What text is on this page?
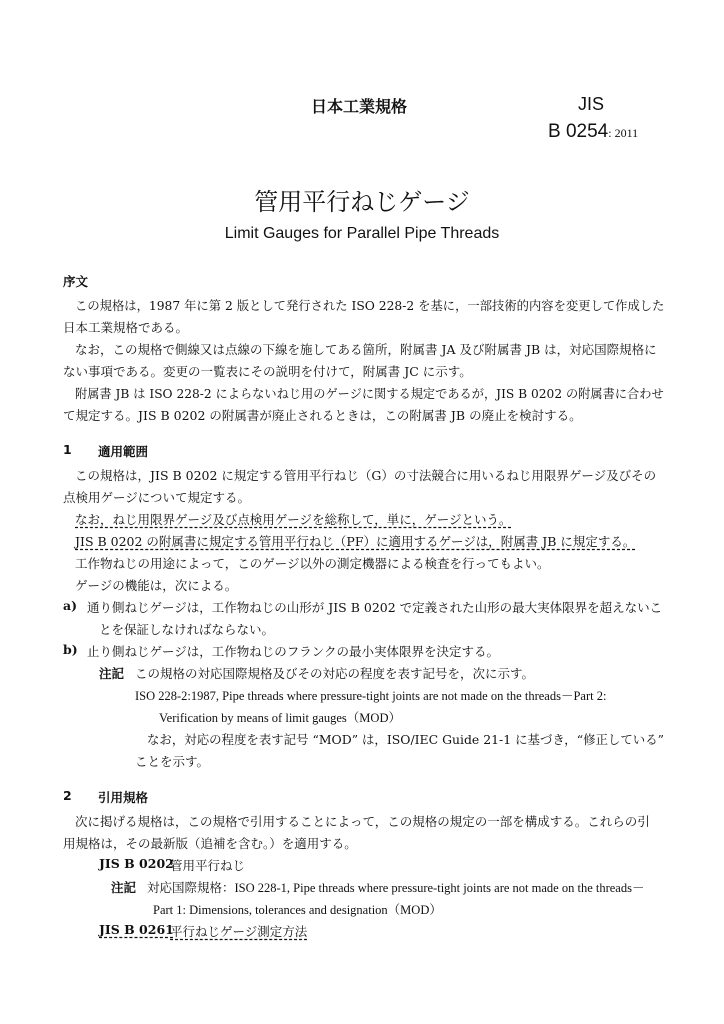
日本工業規格	JIS
B 0254: 2011
管用平行ねじゲージ
Limit Gauges for Parallel Pipe Threads
序文
この規格は，1987 年に第 2 版として発行された ISO 228-2 を基に，一部技術的内容を変更して作成した
日本工業規格である。
なお，この規格で側線又は点線の下線を施してある箇所，附属書 JA 及び附属書 JB は，対応国際規格に
ない事項である。変更の一覧表にその説明を付けて，附属書 JC に示す。
附属書 JB は ISO 228-2 によらないねじ用のゲージに関する規定であるが，JIS B 0202 の附属書に合わせ
て規定する。JIS B 0202 の附属書が廃止されるときは，この附属書 JB の廃止を検討する。
1 適用範囲
この規格は，JIS B 0202 に規定する管用平行ねじ（G）の寸法競合に用いるねじ用限界ゲージ及びその
点検用ゲージについて規定する。
なお，ねじ用限界ゲージ及び点検用ゲージを総称して，単に，ゲージという。
JIS B 0202 の附属書に規定する管用平行ねじ（PF）に適用するゲージは，附属書 JB に規定する。
工作物ねじの用途によって，このゲージ以外の測定機器による検査を行ってもよい。
ゲージの機能は，次による。
a) 通り側ねじゲージは，工作物ねじの山形が JIS B 0202 で定義された山形の最大実体限界を超えないこ
とを保証しなければならない。
b) 止り側ねじゲージは，工作物ねじのフランクの最小実体限界を決定する。
注記 この規格の対応国際規格及びその対応の程度を表す記号を，次に示す。
ISO 228-2:1987, Pipe threads where pressure-tight joints are not made on the threads－Part 2:
Verification by means of limit gauges（MOD）
なお，対応の程度を表す記号 “MOD” は，ISO/IEC Guide 21-1 に基づき，“修正している”
ことを示す。
2 引用規格
次に掲げる規格は，この規格で引用することによって，この規格の規定の一部を構成する。これらの引
用規格は，その最新版（追補を含む。）を適用する。
JIS B 0202
管用平行ねじ
注記 対応国際規格：ISO 228-1, Pipe threads where pressure-tight joints are not made on the threads－
Part 1: Dimensions, tolerances and designation（MOD）
JIS B 0261
平行ねじゲージ測定方法
